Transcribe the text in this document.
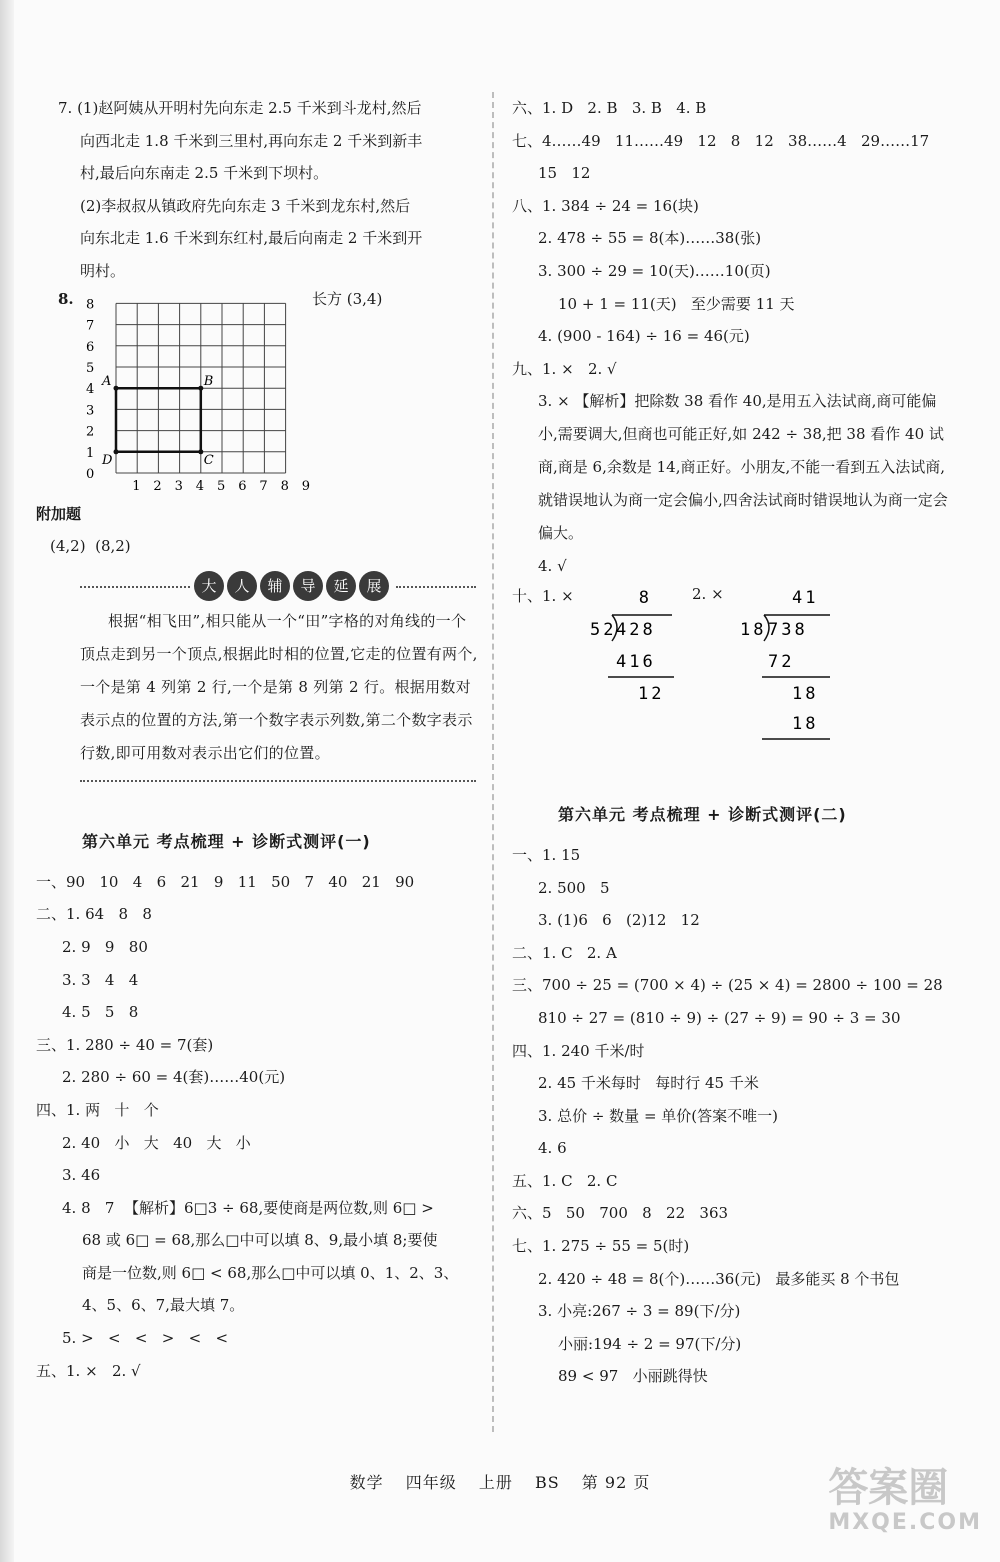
7. (1)赵阿姨从开明村先向东走 2.5 千米到斗龙村,然后
向西北走 1.8 千米到三里村,再向东走 2 千米到新丰
村,最后向东南走 2.5 千米到下坝村。
(2)李叔叔从镇政府先向东走 3 千米到龙东村,然后
向东北走 1.6 千米到东红村,最后向南走 2 千米到开
明村。
8.
1 2 3 4 5 6 7 8 9
1
2
3
4
5
6
7
8
0
A	B
C
D
长方 (3,4)
附加题
(4,2)  (8,2)
大	人	辅	导	延	展
根据“相飞田”,相只能从一个“田”字格的对角线的一个顶点走到另一个顶点,根据此时相的位置,它走的位置有两个,一个是第 4 列第 2 行,一个是第 8 列第 2 行。根据用数对表示点的位置的方法,第一个数字表示列数,第二个数字表示行数,即可用数对表示出它们的位置。
第六单元 考点梳理 + 诊断式测评(一)
一、90   10   4   6   21   9   11   50   7   40   21   90
二、1. 64   8   8
2. 9   9   80
3. 3   4   4
4. 5   5   8
三、1. 280 ÷ 40 = 7(套)
2. 280 ÷ 60 = 4(套)……40(元)
四、1. 两   十   个
2. 40   小   大   40   大   小
3. 46
4. 8   7  【解析】6□3 ÷ 68,要使商是两位数,则 6□ >
68 或 6□ = 68,那么□中可以填 8、9,最小填 8;要使
商是一位数,则 6□ < 68,那么□中可以填 0、1、2、3、
4、5、6、7,最大填 7。
5. >   <   <   >   <   <
五、1. ×   2. √
六、1. D   2. B   3. B   4. B
七、4……49   11……49   12   8   12   38……4   29……17
15   12
八、1. 384 ÷ 24 = 16(块)
2. 478 ÷ 55 = 8(本)……38(张)
3. 300 ÷ 29 = 10(天)……10(页)
10 + 1 = 11(天)   至少需要 11 天
4. (900 - 164) ÷ 16 = 46(元)
九、1. ×   2. √
3. × 【解析】把除数 38 看作 40,是用五入法试商,商可能偏小,需要调大,但商也可能正好,如 242 ÷ 38,把 38 看作 40 试商,商是 6,余数是 14,商正好。小朋友,不能一看到五入法试商,就错误地认为商一定会偏小,四舍法试商时错误地认为商一定会偏大。
4. √
十、1. ×	2. ×
8
52 428
416
12
41
18 738
72
18
18
第六单元 考点梳理 + 诊断式测评(二)
一、1. 15
2. 500   5
3. (1)6   6   (2)12   12
二、1. C   2. A
三、700 ÷ 25 = (700 × 4) ÷ (25 × 4) = 2800 ÷ 100 = 28
810 ÷ 27 = (810 ÷ 9) ÷ (27 ÷ 9) = 90 ÷ 3 = 30
四、1. 240 千米/时
2. 45 千米每时   每时行 45 千米
3. 总价 ÷ 数量 = 单价(答案不唯一)
4. 6
五、1. C   2. C
六、5   50   700   8   22   363
七、1. 275 ÷ 55 = 5(时)
2. 420 ÷ 48 = 8(个)……36(元)   最多能买 8 个书包
3. 小亮:267 ÷ 3 = 89(下/分)
小丽:194 ÷ 2 = 97(下/分)
89 < 97   小丽跳得快
数学 四年级 上册 BS 第 92 页	答案圈
MXQE.COM
